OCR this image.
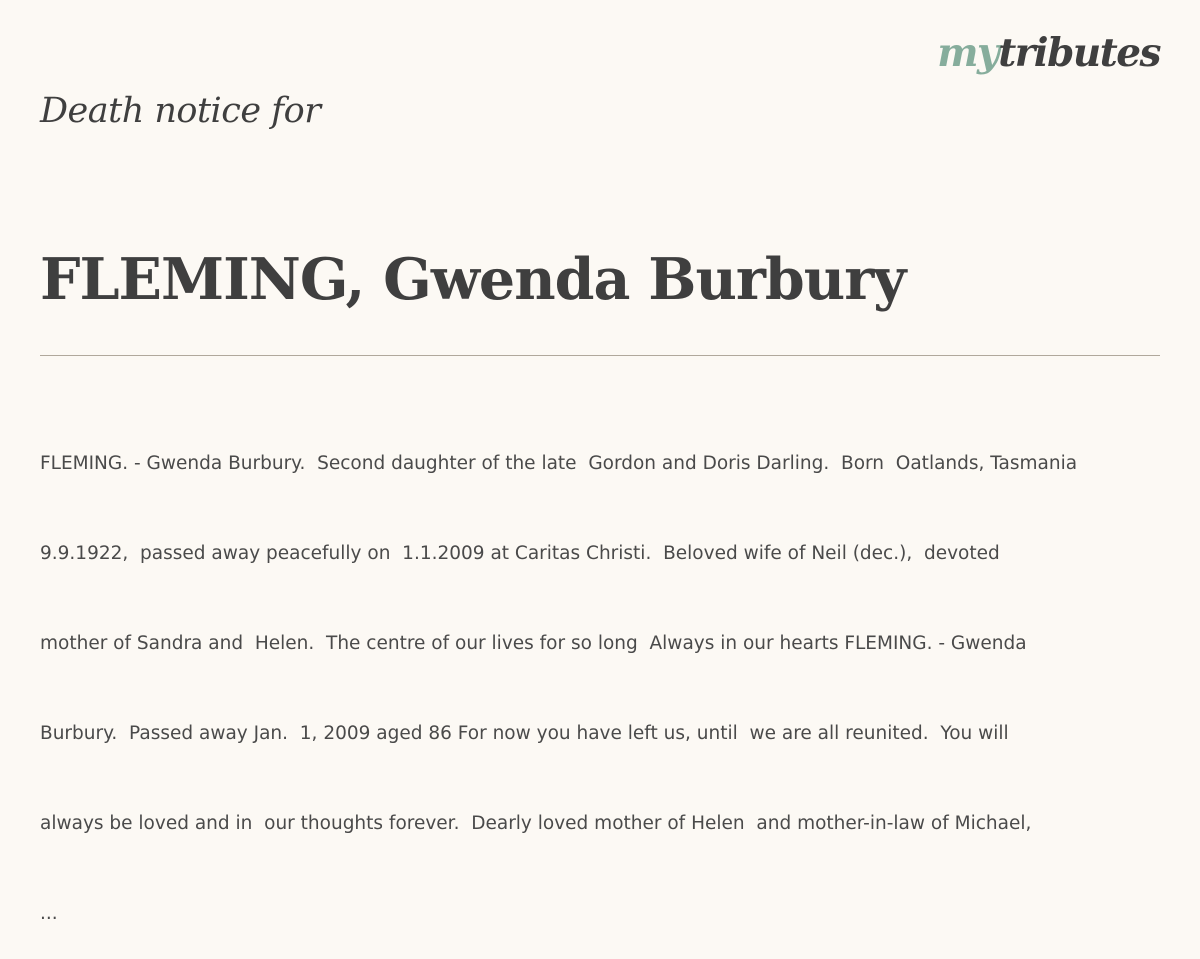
mytributes
Death notice for
FLEMING, Gwenda Burbury

FLEMING. - Gwenda Burbury.  Second daughter of the late  Gordon and Doris Darling.  Born  Oatlands, Tasmania

9.9.1922,  passed away peacefully on  1.1.2009 at Caritas Christi.  Beloved wife of Neil (dec.),  devoted

mother of Sandra and  Helen.  The centre of our lives for so long  Always in our hearts FLEMING. - Gwenda

Burbury.  Passed away Jan.  1, 2009 aged 86 For now you have left us, until  we are all reunited.  You will

always be loved and in  our thoughts forever.  Dearly loved mother of Helen  and mother-in-law of Michael,

...
